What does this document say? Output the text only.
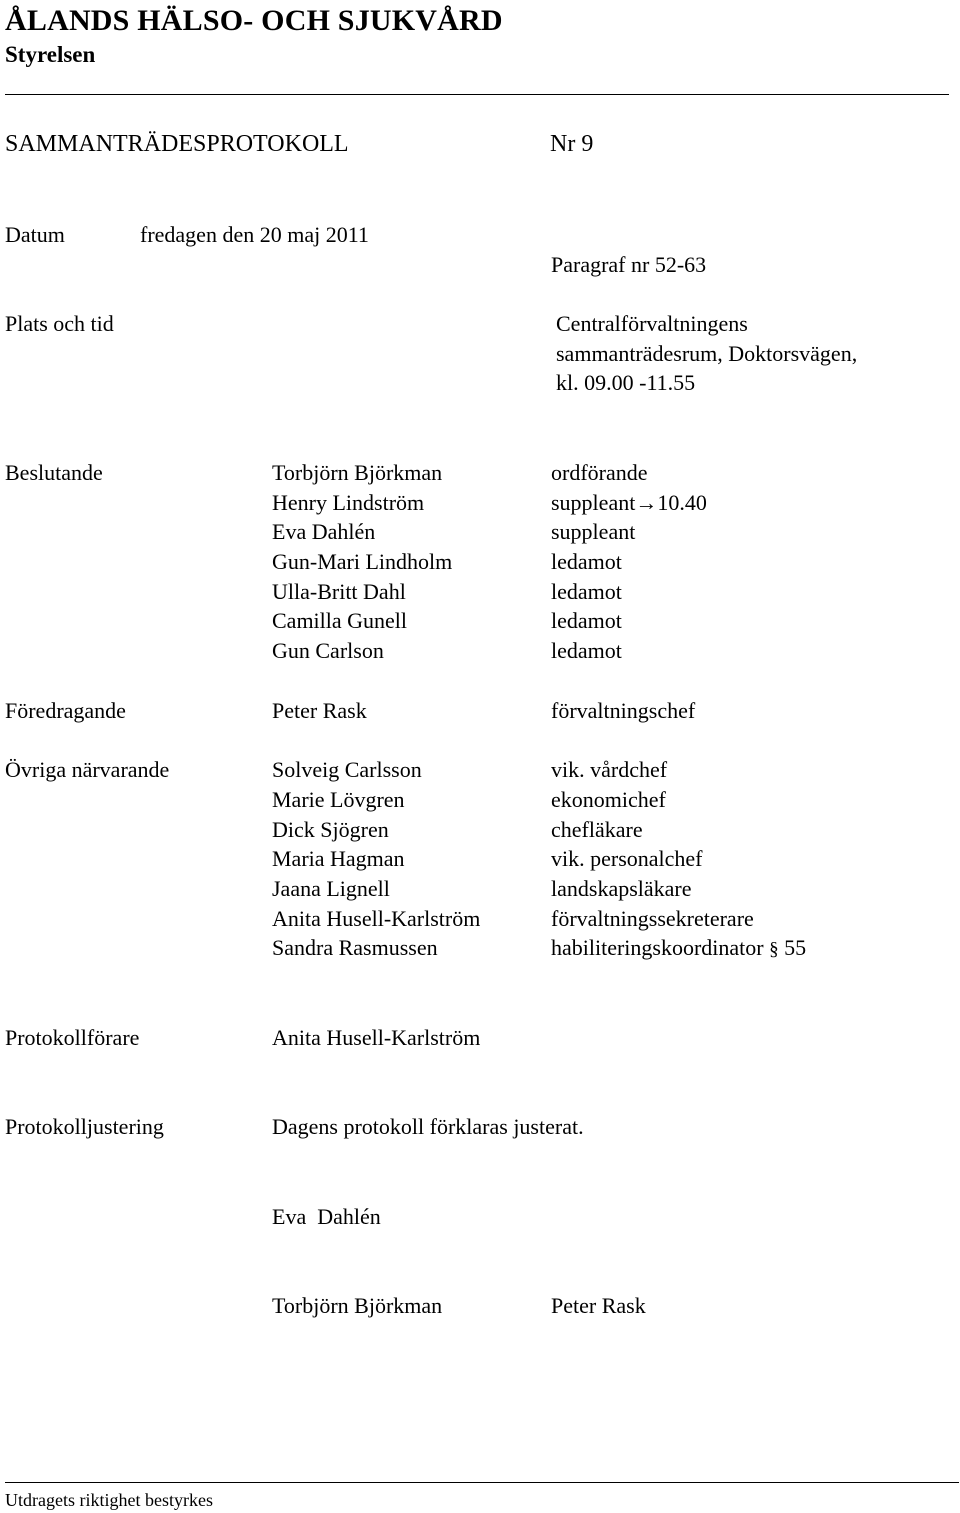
ÅLANDS HÄLSO- OCH SJUKVÅRD
Styrelsen
SAMMANTRÄDESPROTOKOLL	Nr 9
Datum	fredagen den 20 maj 2011
Paragraf nr 52-63
Plats och tid	Centralförvaltningens
sammanträdesrum, Doktorsvägen,
kl. 09.00 -11.55
Beslutande	Torbjörn Björkman	ordförande
Henry Lindström	suppleant→10.40
Eva Dahlén	suppleant
Gun-Mari Lindholm	ledamot
Ulla-Britt Dahl	ledamot
Camilla Gunell	ledamot
Gun Carlson	ledamot
Föredragande	Peter Rask	förvaltningschef
Övriga närvarande	Solveig Carlsson	vik. vårdchef
Marie Lövgren	ekonomichef
Dick Sjögren	chefläkare
Maria Hagman	vik. personalchef
Jaana Lignell	landskapsläkare
Anita Husell-Karlström	förvaltningssekreterare
Sandra Rasmussen	habiliteringskoordinator § 55
Protokollförare	Anita Husell-Karlström
Protokolljustering	Dagens protokoll förklaras justerat.
Eva  Dahlén
Torbjörn Björkman	Peter Rask
Utdragets riktighet bestyrkes
